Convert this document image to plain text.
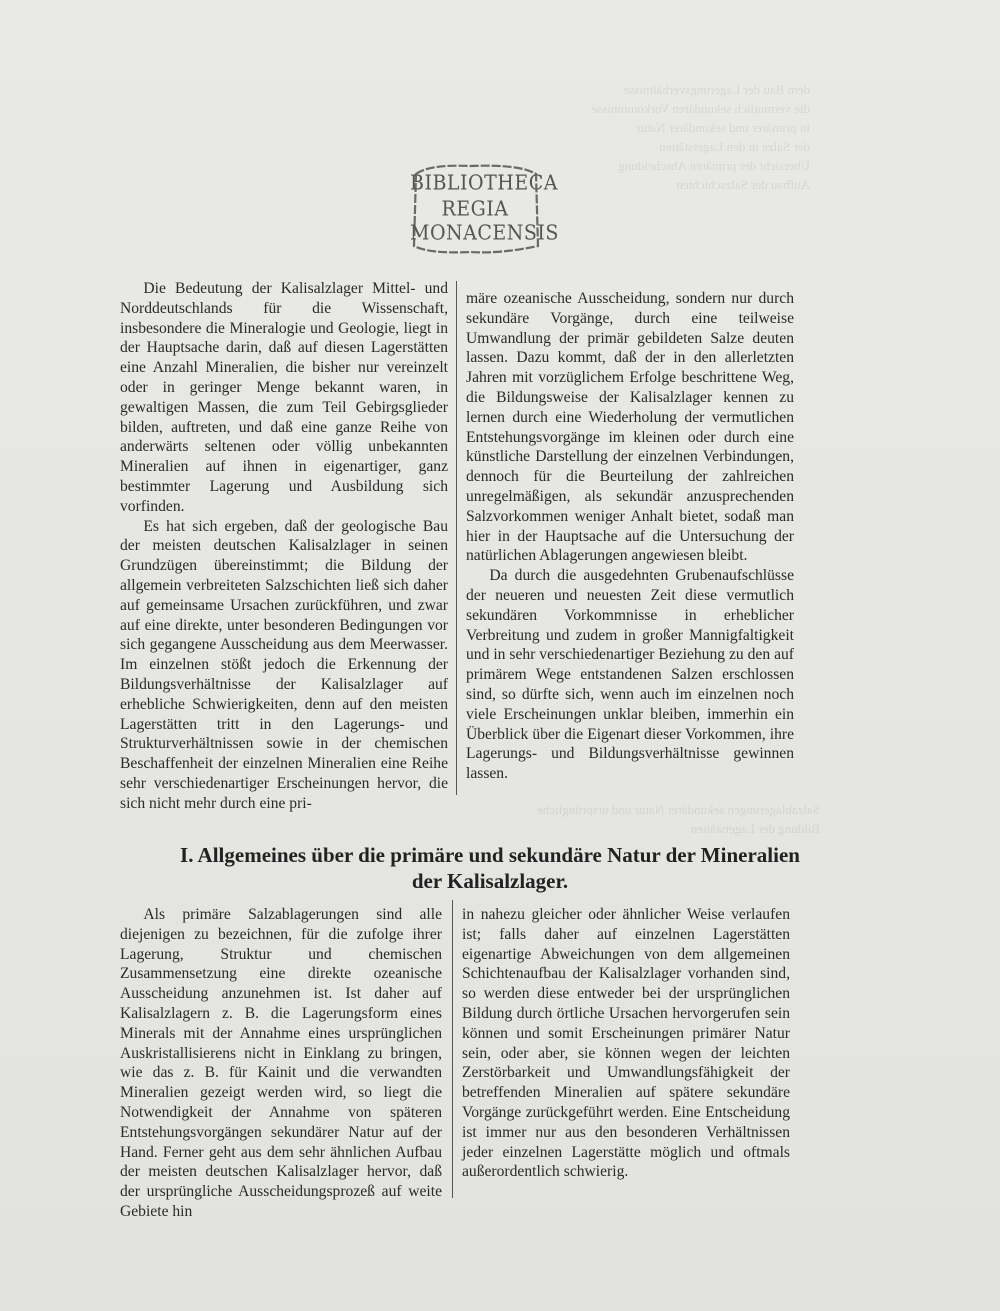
dem Bau der Lagerungsverhältnisse
die vermutlich sekundären Vorkommnisse
in primärer und sekundärer Natur
der Salze in den Lagerstätten
Übersicht der primären Abscheidung
Aufbau der Salzschichten
BIBLIOTHECA
REGIA
MONACENSIS

Die Bedeutung der Kalisalzlager Mittel- und Norddeutschlands für die Wissenschaft, insbesondere die Mineralogie und Geologie, liegt in der Hauptsache darin, daß auf diesen Lagerstätten eine Anzahl Mineralien, die bisher nur vereinzelt oder in geringer Menge bekannt waren, in gewaltigen Massen, die zum Teil Gebirgsglieder bilden, auftreten, und daß eine ganze Reihe von anderwärts seltenen oder völlig unbekannten Mineralien auf ihnen in eigenartiger, ganz bestimmter Lagerung und Ausbildung sich vorfinden.

Es hat sich ergeben, daß der geologische Bau der meisten deutschen Kalisalzlager in seinen Grundzügen übereinstimmt; die Bildung der allgemein verbreiteten Salzschichten ließ sich daher auf gemeinsame Ursachen zurückführen, und zwar auf eine direkte, unter besonderen Bedingungen vor sich gegangene Ausscheidung aus dem Meerwasser. Im einzelnen stößt jedoch die Erkennung der Bildungsverhältnisse der Kalisalzlager auf erhebliche Schwierigkeiten, denn auf den meisten Lagerstätten tritt in den Lagerungs- und Strukturverhältnissen sowie in der chemischen Beschaffenheit der einzelnen Mineralien eine Reihe sehr verschiedenartiger Erscheinungen hervor, die sich nicht mehr durch eine pri-

märe ozeanische Ausscheidung, sondern nur durch sekundäre Vorgänge, durch eine teilweise Umwandlung der primär gebildeten Salze deuten lassen. Dazu kommt, daß der in den allerletzten Jahren mit vorzüglichem Erfolge beschrittene Weg, die Bildungsweise der Kalisalzlager kennen zu lernen durch eine Wiederholung der vermutlichen Entstehungsvorgänge im kleinen oder durch eine künstliche Darstellung der einzelnen Verbindungen, dennoch für die Beurteilung der zahlreichen unregelmäßigen, als sekundär anzusprechenden Salzvorkommen weniger Anhalt bietet, sodaß man hier in der Hauptsache auf die Untersuchung der natürlichen Ablagerungen angewiesen bleibt.

Da durch die ausgedehnten Grubenaufschlüsse der neueren und neuesten Zeit diese vermutlich sekundären Vorkommnisse in erheblicher Verbreitung und zudem in großer Mannigfaltigkeit und in sehr verschiedenartiger Beziehung zu den auf primärem Wege entstandenen Salzen erschlossen sind, so dürfte sich, wenn auch im einzelnen noch viele Erscheinungen unklar bleiben, immerhin ein Überblick über die Eigenart dieser Vorkommen, ihre Lagerungs- und Bildungsverhältnisse gewinnen lassen.

I. Allgemeines über die primäre und sekundäre Natur der Mineralien
der Kalisalzlager.
Salzablagerungen sekundärer Natur und ursprüngliche Bildung der Lagerstätten

Als primäre Salzablagerungen sind alle diejenigen zu bezeichnen, für die zufolge ihrer Lagerung, Struktur und chemischen Zusammensetzung eine direkte ozeanische Ausscheidung anzunehmen ist. Ist daher auf Kalisalzlagern z. B. die Lagerungsform eines Minerals mit der Annahme eines ursprünglichen Auskristallisierens nicht in Einklang zu bringen, wie das z. B. für Kainit und die verwandten Mineralien gezeigt werden wird, so liegt die Notwendigkeit der Annahme von späteren Entstehungsvorgängen sekundärer Natur auf der Hand. Ferner geht aus dem sehr ähnlichen Aufbau der meisten deutschen Kalisalzlager hervor, daß der ursprüngliche Ausscheidungsprozeß auf weite Gebiete hin

in nahezu gleicher oder ähnlicher Weise verlaufen ist; falls daher auf einzelnen Lagerstätten eigenartige Abweichungen von dem allgemeinen Schichtenaufbau der Kalisalzlager vorhanden sind, so werden diese entweder bei der ursprünglichen Bildung durch örtliche Ursachen hervorgerufen sein können und somit Erscheinungen primärer Natur sein, oder aber, sie können wegen der leichten Zerstörbarkeit und Umwandlungsfähigkeit der betreffenden Mineralien auf spätere sekundäre Vorgänge zurückgeführt werden. Eine Entscheidung ist immer nur aus den besonderen Verhältnissen jeder einzelnen Lagerstätte möglich und oftmals außerordentlich schwierig.
